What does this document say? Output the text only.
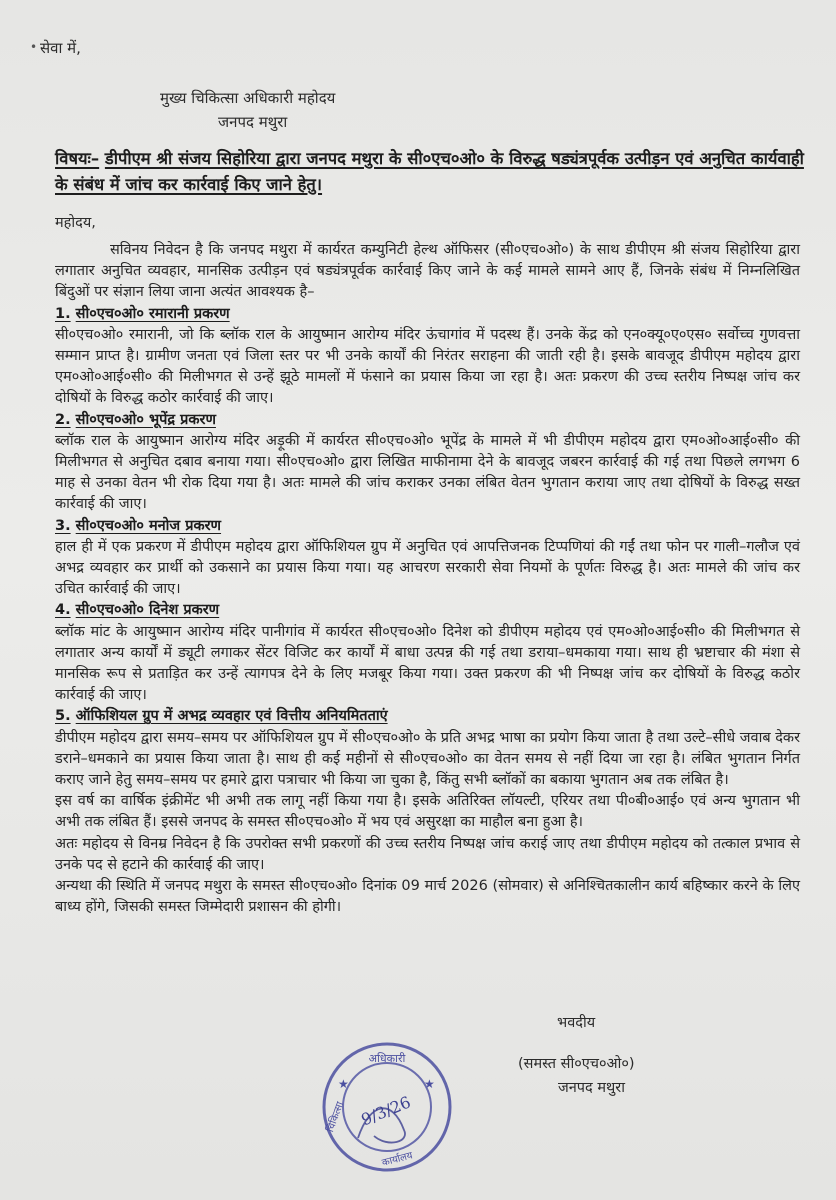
• सेवा में,
मुख्य चिकित्सा अधिकारी महोदय
जनपद मथुरा
विषयः– डीपीएम श्री संजय सिहोरिया द्वारा जनपद मथुरा के सी०एच०ओ० के विरुद्ध षड्यंत्रपूर्वक उत्पीड़न एवं अनुचित कार्यवाही के संबंध में जांच कर कार्रवाई किए जाने हेतु।
महोदय,

सविनय निवेदन है कि जनपद मथुरा में कार्यरत कम्युनिटी हेल्थ ऑफिसर (सी०एच०ओ०) के साथ डीपीएम श्री संजय सिहोरिया द्वारा लगातार अनुचित व्यवहार, मानसिक उत्पीड़न एवं षड्यंत्रपूर्वक कार्रवाई किए जाने के कई मामले सामने आए हैं, जिनके संबंध में निम्नलिखित बिंदुओं पर संज्ञान लिया जाना अत्यंत आवश्यक है–

1. सी०एच०ओ० रमारानी प्रकरण

सी०एच०ओ० रमारानी, जो कि ब्लॉक राल के आयुष्मान आरोग्य मंदिर ऊंचागांव में पदस्थ हैं। उनके केंद्र को एन०क्यू०ए०एस० सर्वोच्च गुणवत्ता सम्मान प्राप्त है। ग्रामीण जनता एवं जिला स्तर पर भी उनके कार्यों की निरंतर सराहना की जाती रही है। इसके बावजूद डीपीएम महोदय द्वारा एम०ओ०आई०सी० की मिलीभगत से उन्हें झूठे मामलों में फंसाने का प्रयास किया जा रहा है। अतः प्रकरण की उच्च स्तरीय निष्पक्ष जांच कर दोषियों के विरुद्ध कठोर कार्रवाई की जाए।

2. सी०एच०ओ० भूपेंद्र प्रकरण

ब्लॉक राल के आयुष्मान आरोग्य मंदिर अड़ूकी में कार्यरत सी०एच०ओ० भूपेंद्र के मामले में भी डीपीएम महोदय द्वारा एम०ओ०आई०सी० की मिलीभगत से अनुचित दबाव बनाया गया। सी०एच०ओ० द्वारा लिखित माफीनामा देने के बावजूद जबरन कार्रवाई की गई तथा पिछले लगभग 6 माह से उनका वेतन भी रोक दिया गया है। अतः मामले की जांच कराकर उनका लंबित वेतन भुगतान कराया जाए तथा दोषियों के विरुद्ध सख्त कार्रवाई की जाए।

3. सी०एच०ओ० मनोज प्रकरण

हाल ही में एक प्रकरण में डीपीएम महोदय द्वारा ऑफिशियल ग्रुप में अनुचित एवं आपत्तिजनक टिप्पणियां की गईं तथा फोन पर गाली–गलौज एवं अभद्र व्यवहार कर प्रार्थी को उकसाने का प्रयास किया गया। यह आचरण सरकारी सेवा नियमों के पूर्णतः विरुद्ध है। अतः मामले की जांच कर उचित कार्रवाई की जाए।

4. सी०एच०ओ० दिनेश प्रकरण

ब्लॉक मांट के आयुष्मान आरोग्य मंदिर पानीगांव में कार्यरत सी०एच०ओ० दिनेश को डीपीएम महोदय एवं एम०ओ०आई०सी० की मिलीभगत से लगातार अन्य कार्यों में ड्यूटी लगाकर सेंटर विजिट कर कार्यों में बाधा उत्पन्न की गई तथा डराया–धमकाया गया। साथ ही भ्रष्टाचार की मंशा से मानसिक रूप से प्रताड़ित कर उन्हें त्यागपत्र देने के लिए मजबूर किया गया। उक्त प्रकरण की भी निष्पक्ष जांच कर दोषियों के विरुद्ध कठोर कार्रवाई की जाए।

5. ऑफिशियल ग्रुप में अभद्र व्यवहार एवं वित्तीय अनियमितताएं

डीपीएम महोदय द्वारा समय–समय पर ऑफिशियल ग्रुप में सी०एच०ओ० के प्रति अभद्र भाषा का प्रयोग किया जाता है तथा उल्टे–सीधे जवाब देकर डराने–धमकाने का प्रयास किया जाता है। साथ ही कई महीनों से सी०एच०ओ० का वेतन समय से नहीं दिया जा रहा है। लंबित भुगतान निर्गत कराए जाने हेतु समय–समय पर हमारे द्वारा पत्राचार भी किया जा चुका है, किंतु सभी ब्लॉकों का बकाया भुगतान अब तक लंबित है।

इस वर्ष का वार्षिक इंक्रीमेंट भी अभी तक लागू नहीं किया गया है। इसके अतिरिक्त लॉयल्टी, एरियर तथा पी०बी०आई० एवं अन्य भुगतान भी अभी तक लंबित हैं। इससे जनपद के समस्त सी०एच०ओ० में भय एवं असुरक्षा का माहौल बना हुआ है।

अतः महोदय से विनम्र निवेदन है कि उपरोक्त सभी प्रकरणों की उच्च स्तरीय निष्पक्ष जांच कराई जाए तथा डीपीएम महोदय को तत्काल प्रभाव से उनके पद से हटाने की कार्रवाई की जाए।

अन्यथा की स्थिति में जनपद मथुरा के समस्त सी०एच०ओ० दिनांक 09 मार्च 2026 (सोमवार) से अनिश्चितकालीन कार्य बहिष्कार करने के लिए बाध्य होंगे, जिसकी समस्त जिम्मेदारी प्रशासन की होगी।

भवदीय
(समस्त सी०एच०ओ०)
जनपद मथुरा
★	★
अधिकारी
चिकित्सा
कार्यालय
9/3/26
